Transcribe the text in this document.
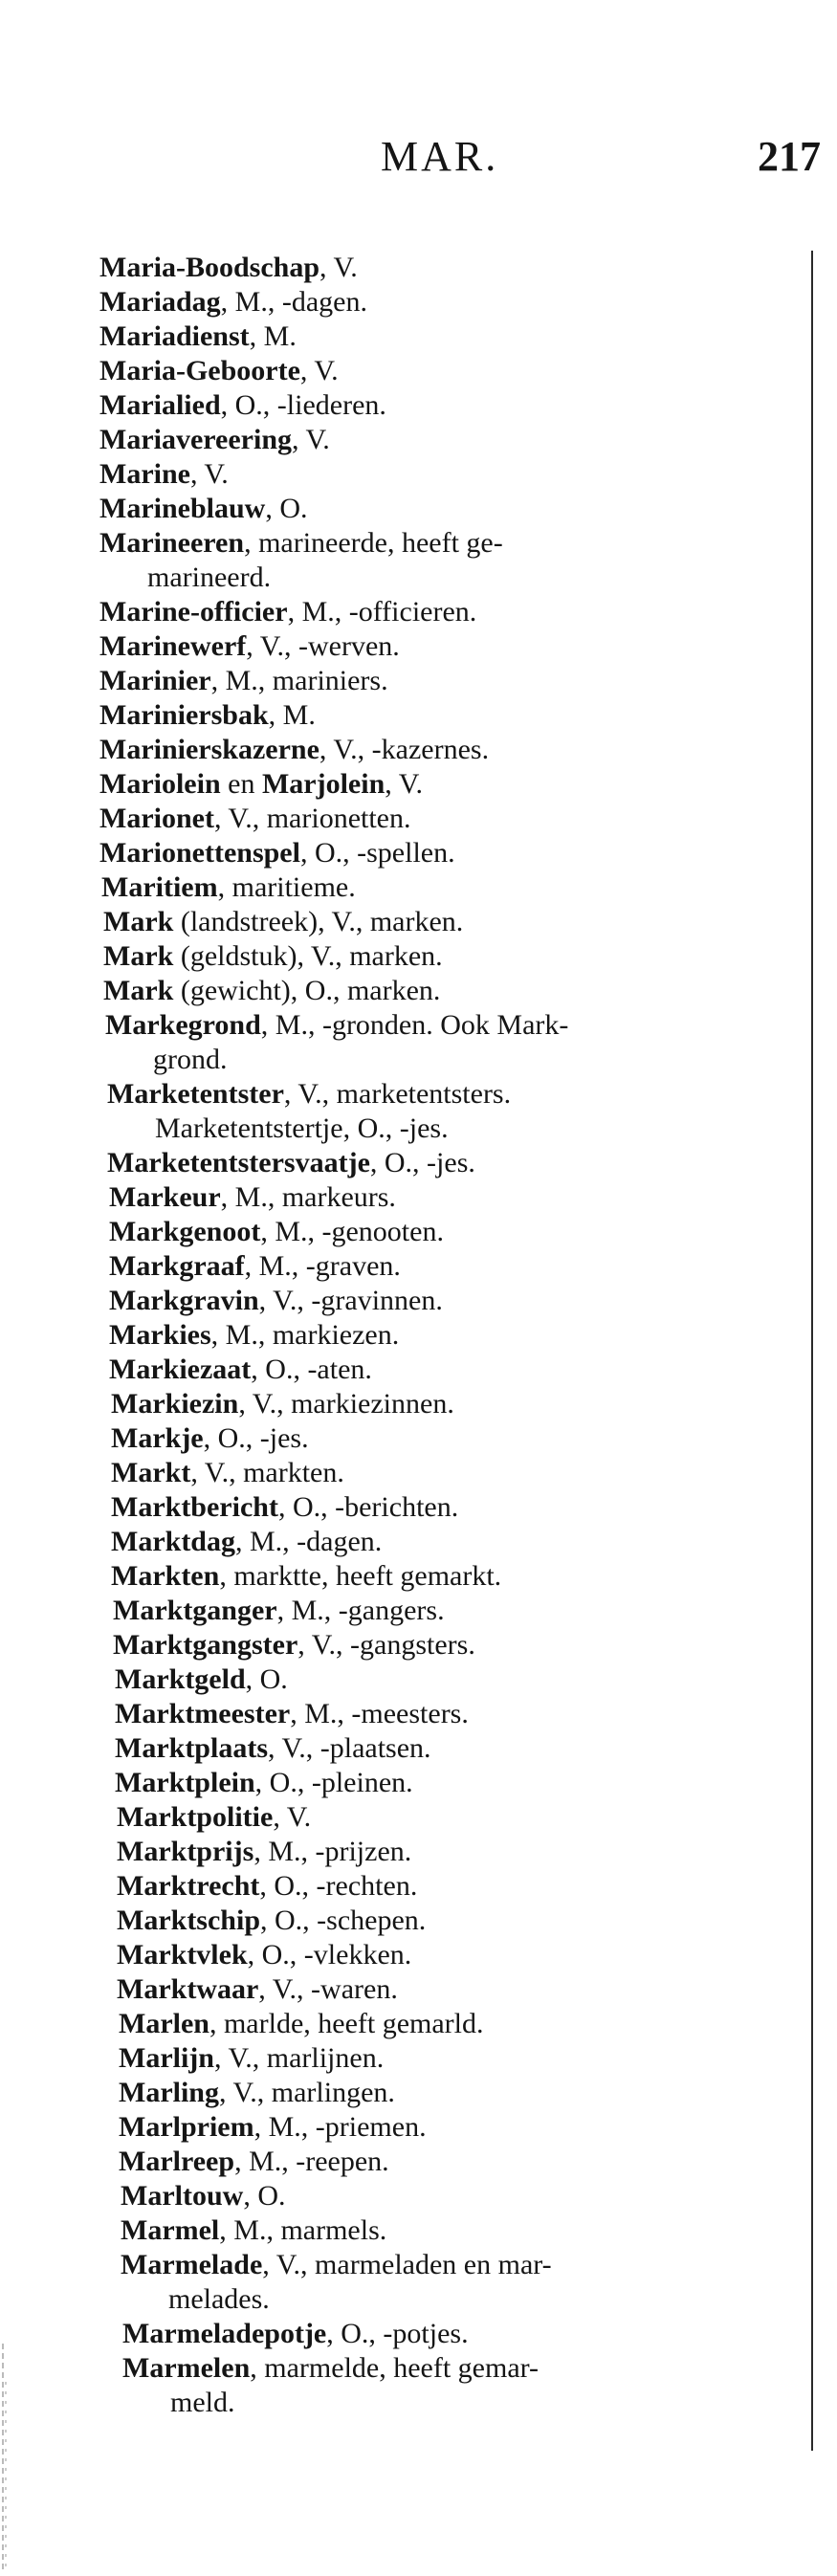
MAR.	217
Maria-Boodschap, V.
Mariadag, M., -dagen.
Mariadienst, M.
Maria-Geboorte, V.
Marialied, O., -liederen.
Mariavereering, V.
Marine, V.
Marineblauw, O.
Marineeren, marineerde, heeft ge-
marineerd.
Marine-officier, M., -officieren.
Marinewerf, V., -werven.
Marinier, M., mariniers.
Mariniersbak, M.
Marinierskazerne, V., -kazernes.
Mariolein en Marjolein, V.
Marionet, V., marionetten.
Marionettenspel, O., -spellen.
Maritiem, maritieme.
Mark (landstreek), V., marken.
Mark (geldstuk), V., marken.
Mark (gewicht), O., marken.
Markegrond, M., -gronden. Ook Mark-
grond.
Marketentster, V., marketentsters.
Marketentstertje, O., -jes.
Marketentstersvaatje, O., -jes.
Markeur, M., markeurs.
Markgenoot, M., -genooten.
Markgraaf, M., -graven.
Markgravin, V., -gravinnen.
Markies, M., markiezen.
Markiezaat, O., -aten.
Markiezin, V., markiezinnen.
Markje, O., -jes.
Markt, V., markten.
Marktbericht, O., -berichten.
Marktdag, M., -dagen.
Markten, marktte, heeft gemarkt.
Marktganger, M., -gangers.
Marktgangster, V., -gangsters.
Marktgeld, O.
Marktmeester, M., -meesters.
Marktplaats, V., -plaatsen.
Marktplein, O., -pleinen.
Marktpolitie, V.
Marktprijs, M., -prijzen.
Marktrecht, O., -rechten.
Marktschip, O., -schepen.
Marktvlek, O., -vlekken.
Marktwaar, V., -waren.
Marlen, marlde, heeft gemarld.
Marlijn, V., marlijnen.
Marling, V., marlingen.
Marlpriem, M., -priemen.
Marlreep, M., -reepen.
Marltouw, O.
Marmel, M., marmels.
Marmelade, V., marmeladen en mar-
melades.
Marmeladepotje, O., -potjes.
Marmelen, marmelde, heeft gemar-
meld.
